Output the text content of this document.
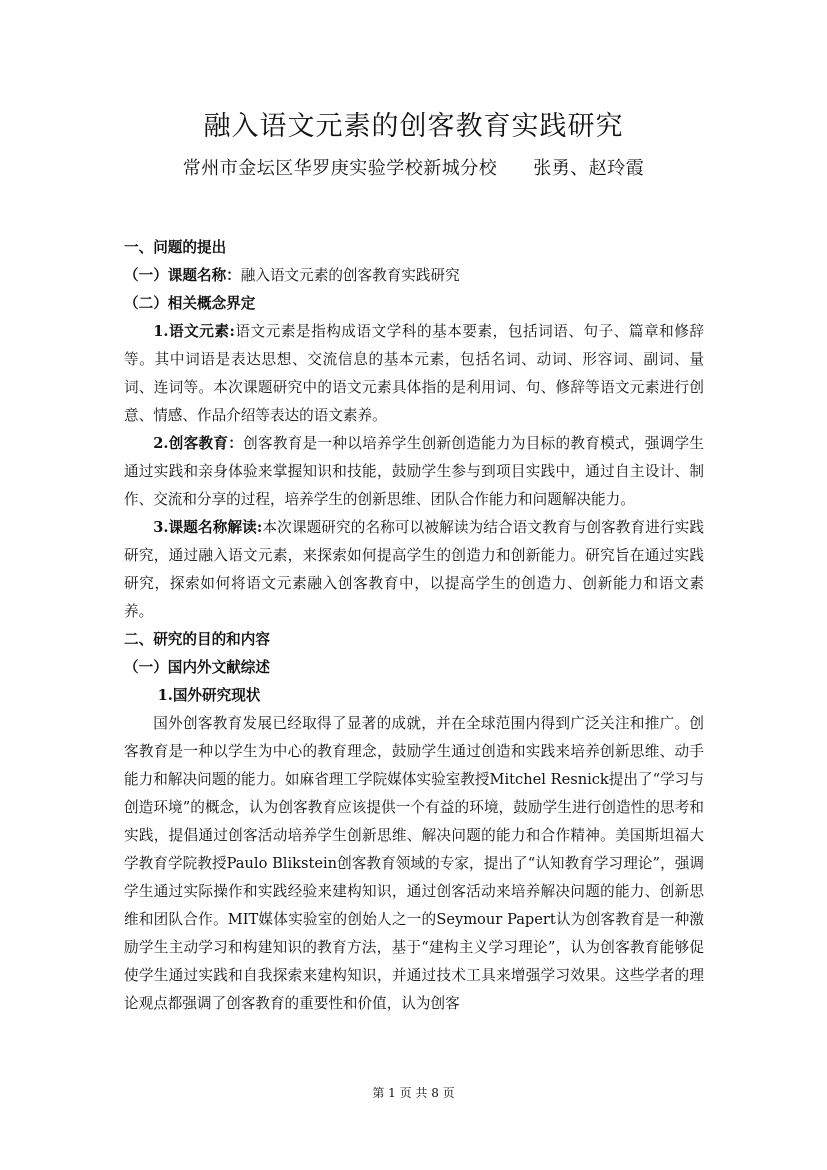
融入语文元素的创客教育实践研究
常州市金坛区华罗庚实验学校新城分校 张勇、赵玲霞

一、问题的提出

（一）课题名称：融入语文元素的创客教育实践研究

（二）相关概念界定

1.语文元素:语文元素是指构成语文学科的基本要素，包括词语、句子、篇章和修辞等。其中词语是表达思想、交流信息的基本元素，包括名词、动词、形容词、副词、量词、连词等。本次课题研究中的语文元素具体指的是利用词、句、修辞等语文元素进行创意、情感、作品介绍等表达的语文素养。

2.创客教育：创客教育是一种以培养学生创新创造能力为目标的教育模式，强调学生通过实践和亲身体验来掌握知识和技能，鼓励学生参与到项目实践中，通过自主设计、制作、交流和分享的过程，培养学生的创新思维、团队合作能力和问题解决能力。

3.课题名称解读:本次课题研究的名称可以被解读为结合语文教育与创客教育进行实践研究，通过融入语文元素，来探索如何提高学生的创造力和创新能力。研究旨在通过实践研究，探索如何将语文元素融入创客教育中，以提高学生的创造力、创新能力和语文素养。

二、研究的目的和内容

（一）国内外文献综述

1.国外研究现状

国外创客教育发展已经取得了显著的成就，并在全球范围内得到广泛关注和推广。创客教育是一种以学生为中心的教育理念，鼓励学生通过创造和实践来培养创新思维、动手能力和解决问题的能力。如麻省理工学院媒体实验室教授Mitchel Resnick提出了“学习与创造环境”的概念，认为创客教育应该提供一个有益的环境，鼓励学生进行创造性的思考和实践，提倡通过创客活动培养学生创新思维、解决问题的能力和合作精神。美国斯坦福大学教育学院教授Paulo Blikstein创客教育领域的专家，提出了“认知教育学习理论”，强调学生通过实际操作和实践经验来建构知识，通过创客活动来培养解决问题的能力、创新思维和团队合作。MIT媒体实验室的创始人之一的Seymour Papert认为创客教育是一种激励学生主动学习和构建知识的教育方法，基于“建构主义学习理论”，认为创客教育能够促使学生通过实践和自我探索来建构知识，并通过技术工具来增强学习效果。这些学者的理论观点都强调了创客教育的重要性和价值，认为创客

第 1 页 共 8 页
